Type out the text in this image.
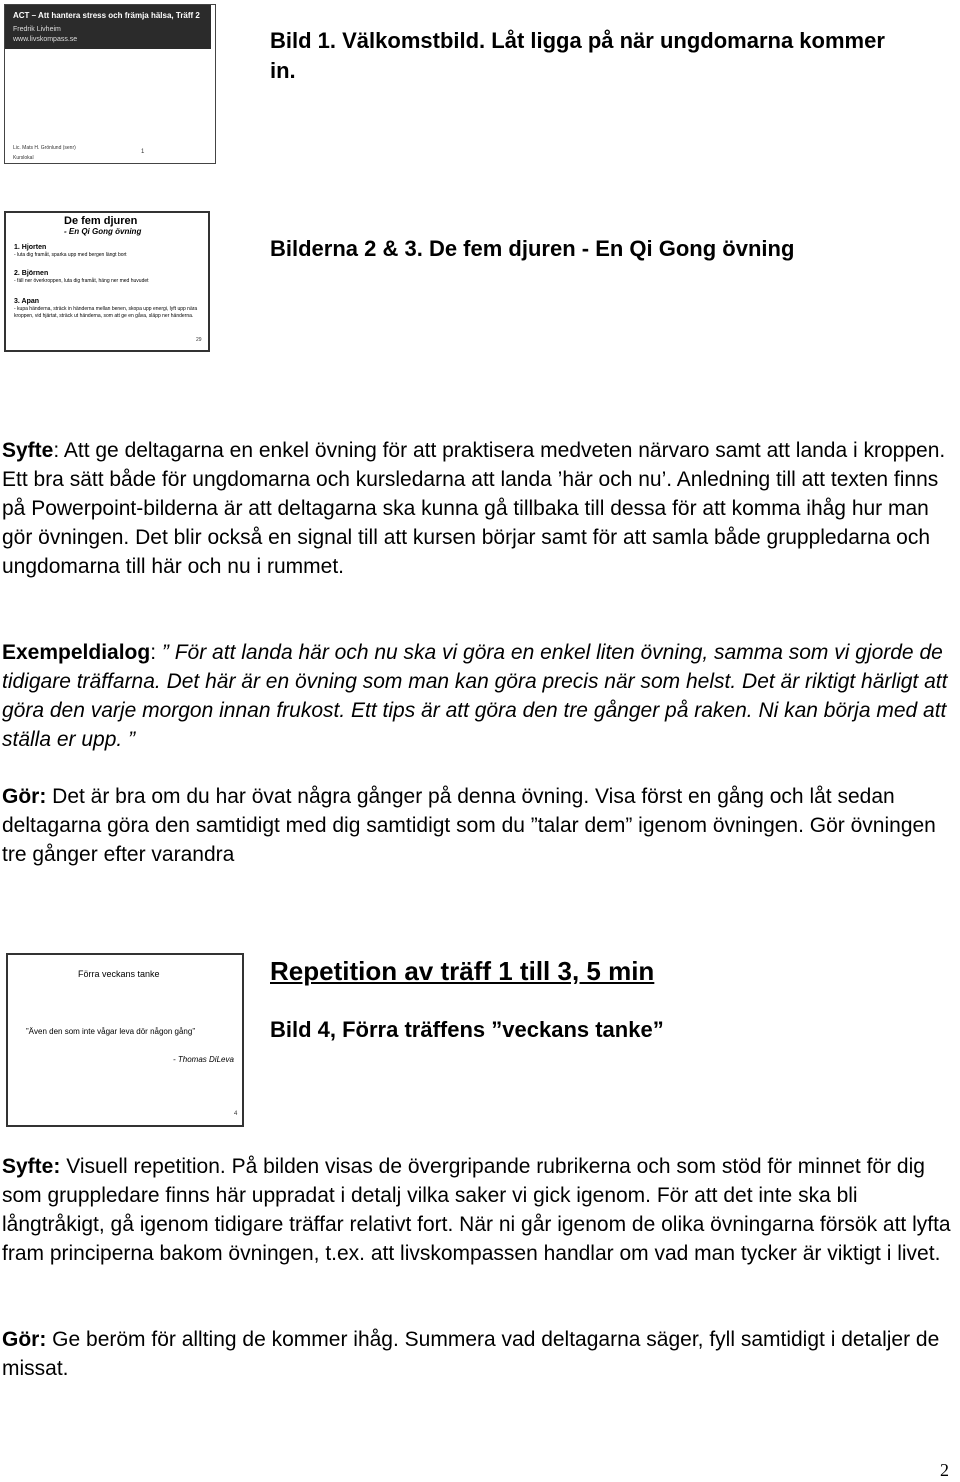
ACT – Att hantera stress och främja hälsa, Träff 2
Fredrik Livheim
www.livskompass.se
Lic. Mats H. Grönlund (senr)
Kurslokal
1

Bild 1. Välkomstbild. Låt ligga på när ungdomarna kommer in.

De fem djuren
- En Qi Gong övning
1. Hjorten
- luta dig framåt, sparka upp med bergen längt bort
2. Björnen
- fäll ner överkroppen, luta dig framåt, häng ner med huvudet
3. Apan
- kupa händerna, sträck in händerna mellan benen, skopa upp energi, lyft upp nära kroppen, vid hjärtat, sträck ut händerna, som att ge en gåva, släpp ner händerna.
29

Bilderna 2 & 3. De fem djuren - En Qi Gong övning

Syfte: Att ge deltagarna en enkel övning för att praktisera medveten närvaro samt att landa i kroppen. Ett bra sätt både för ungdomarna och kursledarna att landa ’här och nu’. Anledning till att texten finns på Powerpoint-bilderna är att deltagarna ska kunna gå tillbaka till dessa för att komma ihåg hur man gör övningen. Det blir också en signal till att kursen börjar samt för att samla både gruppledarna och ungdomarna till här och nu i rummet.

Exempeldialog: ” För att landa här och nu ska vi göra en enkel liten övning, samma som vi gjorde de tidigare träffarna. Det här är en övning som man kan göra precis när som helst. Det är riktigt härligt att göra den varje morgon innan frukost. Ett tips är att göra den tre gånger på raken. Ni kan börja med att ställa er upp. ”

Gör: Det är bra om du har övat några gånger på denna övning. Visa först en gång och låt sedan deltagarna göra den samtidigt med dig samtidigt som du ”talar dem” igenom övningen. Gör övningen tre gånger efter varandra

Förra veckans tanke
”Även den som inte vågar leva dör någon gång”
- Thomas DiLeva
4
Repetition av träff 1 till 3, 5 min

Bild 4, Förra träffens ”veckans tanke”

Syfte: Visuell repetition. På bilden visas de övergripande rubrikerna och som stöd för minnet för dig som gruppledare finns här uppradat i detalj vilka saker vi gick igenom. För att det inte ska bli långtråkigt, gå igenom tidigare träffar relativt fort. När ni går igenom de olika övningarna försök att lyfta fram principerna bakom övningen, t.ex. att livskompassen handlar om vad man tycker är viktigt i livet.

Gör: Ge beröm för allting de kommer ihåg. Summera vad deltagarna säger, fyll samtidigt i detaljer de missat.

2
